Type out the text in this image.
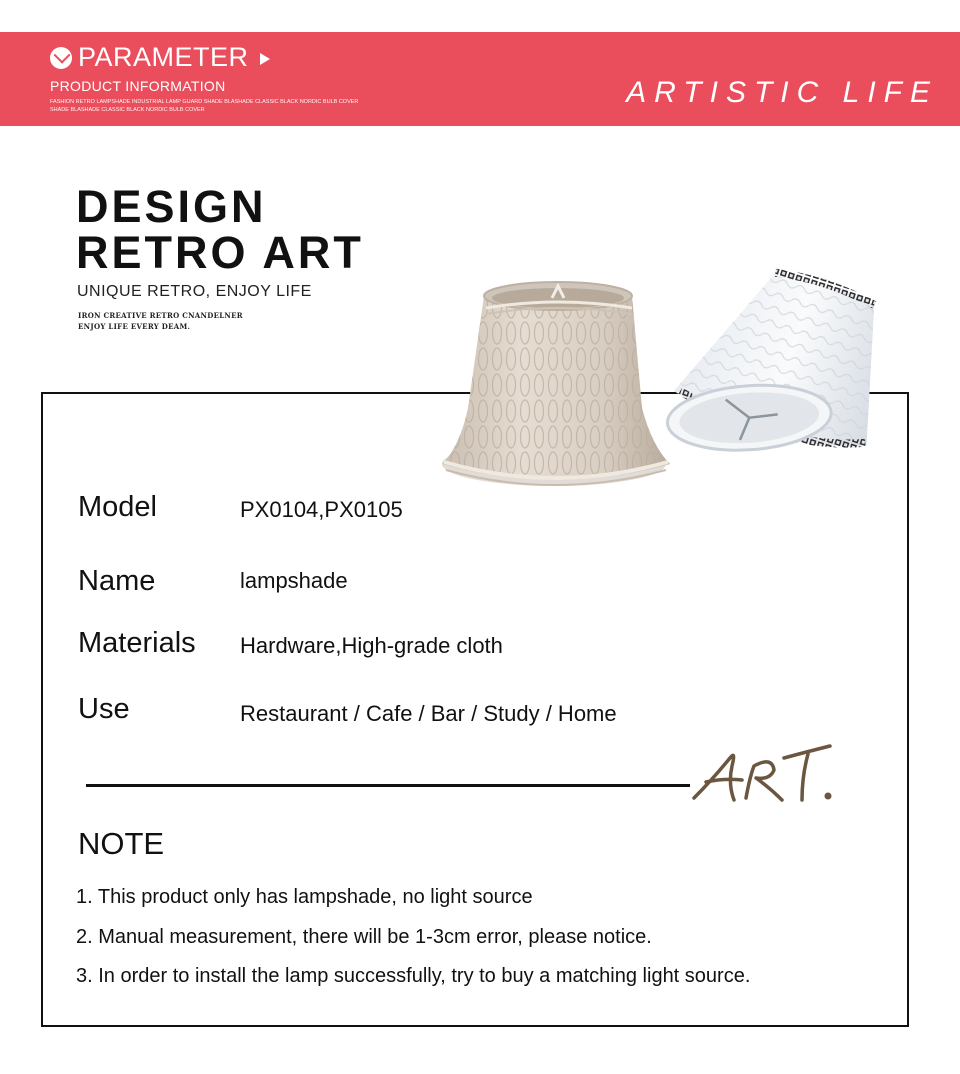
PARAMETER
PRODUCT INFORMATION
FASHION RETRO LAMPSHADE INDUSTRIAL LAMP GUARD SHADE BLASHADE CLASSIC BLACK NORDIC BULB COVER
SHADE BLASHADE CLASSIC BLACK NORDIC BULB COVER
ARTISTIC LIFE
DESIGN
RETRO ART
UNIQUE RETRO, ENJOY LIFE
IRON CREATIVE RETRO CNANDELNER
ENJOY LIFE EVERY DEAM.
Model	PX0104,PX0105
Name	lampshade
Materials Hardware,High-grade cloth
Use	Restaurant / Cafe / Bar / Study / Home
ART.
NOTE
1. This product only has lampshade, no light source
2. Manual measurement, there will be 1-3cm error, please notice.
3. In order to install the lamp successfully, try to buy a matching light source.
